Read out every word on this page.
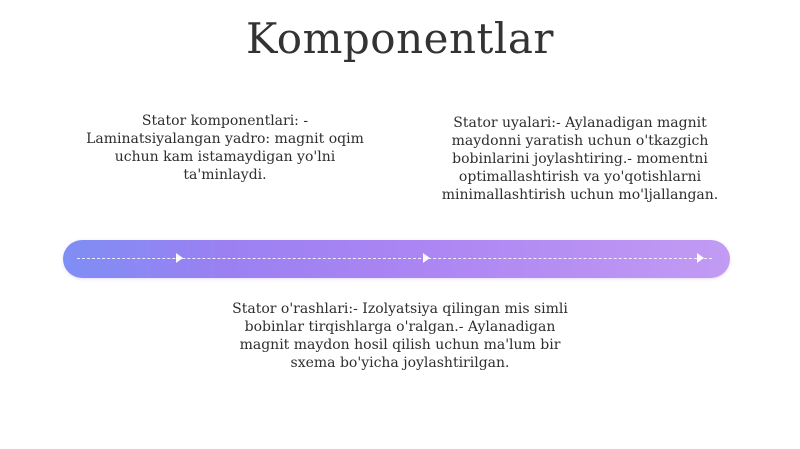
Komponentlar
Stator komponentlari: -
Laminatsiyalangan yadro: magnit oqim
uchun kam istamaydigan yo'lni
ta'minlaydi.
Stator uyalari:- Aylanadigan magnit
maydonni yaratish uchun o'tkazgich
bobinlarini joylashtiring.- momentni
optimallashtirish va yo'qotishlarni
minimallashtirish uchun mo'ljallangan.
Stator o'rashlari:- Izolyatsiya qilingan mis simli
bobinlar tirqishlarga o'ralgan.- Aylanadigan
magnit maydon hosil qilish uchun ma'lum bir
sxema bo'yicha joylashtirilgan.
